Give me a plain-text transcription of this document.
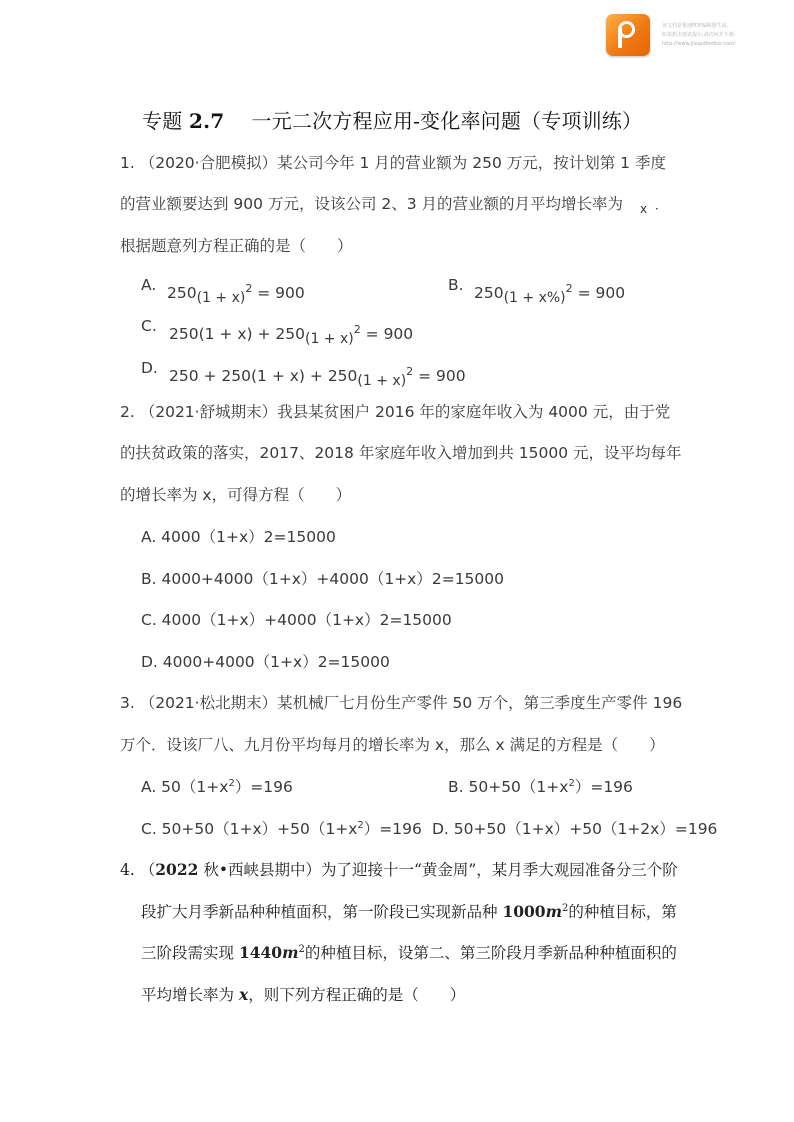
该文档是极速PDF编辑器生成,
如果想去掉该提示,请访问并下载:
http://www.jisupdfeditor.com/
专题 2.7 一元二次方程应用-变化率问题（专项训练）
1. （2020·合肥模拟）某公司今年 1 月的营业额为 250 万元，按计划第 1 季度
的营业额要达到 900 万元，设该公司 2、3 月的营业额的月平均增长率为 x ．
根据题意列方程正确的是（　　）
A. $250(1 + x)^2 = 900$	B. $250(1 + x\%)^2 = 900$
C. $250(1 + x) + 250(1 + x)^2 = 900$
D. $250 + 250(1 + x) + 250(1 + x)^2 = 900$
2. （2021·舒城期末）我县某贫困户 2016 年的家庭年收入为 4000 元，由于党
的扶贫政策的落实，2017、2018 年家庭年收入增加到共 15000 元，设平均每年
的增长率为 x，可得方程（　　）
A. 4000（1+x）2=15000
B. 4000+4000（1+x）+4000（1+x）2=15000
C. 4000（1+x）+4000（1+x）2=15000
D. 4000+4000（1+x）2=15000
3. （2021·松北期末）某机械厂七月份生产零件 50 万个，第三季度生产零件 196
万个．设该厂八、九月份平均每月的增长率为 x，那么 x 满足的方程是（　　）
A. $50(1+x^2)=196$	B. $50+50(1+x^2)=196$
C. $50+50(1+x)+50(1+x^2)=196$ D. 50+50（1+x）+50（1+2x）=196
4. （2022 秋•西峡县期中）为了迎接十一“黄金周”，某月季大观园准备分三个阶
段扩大月季新品种种植面积，第一阶段已实现新品种 $1000m^2$的种植目标，第
三阶段需实现 $1440m^2$的种植目标，设第二、第三阶段月季新品种种植面积的
平均增长率为 x，则下列方程正确的是（　　）
